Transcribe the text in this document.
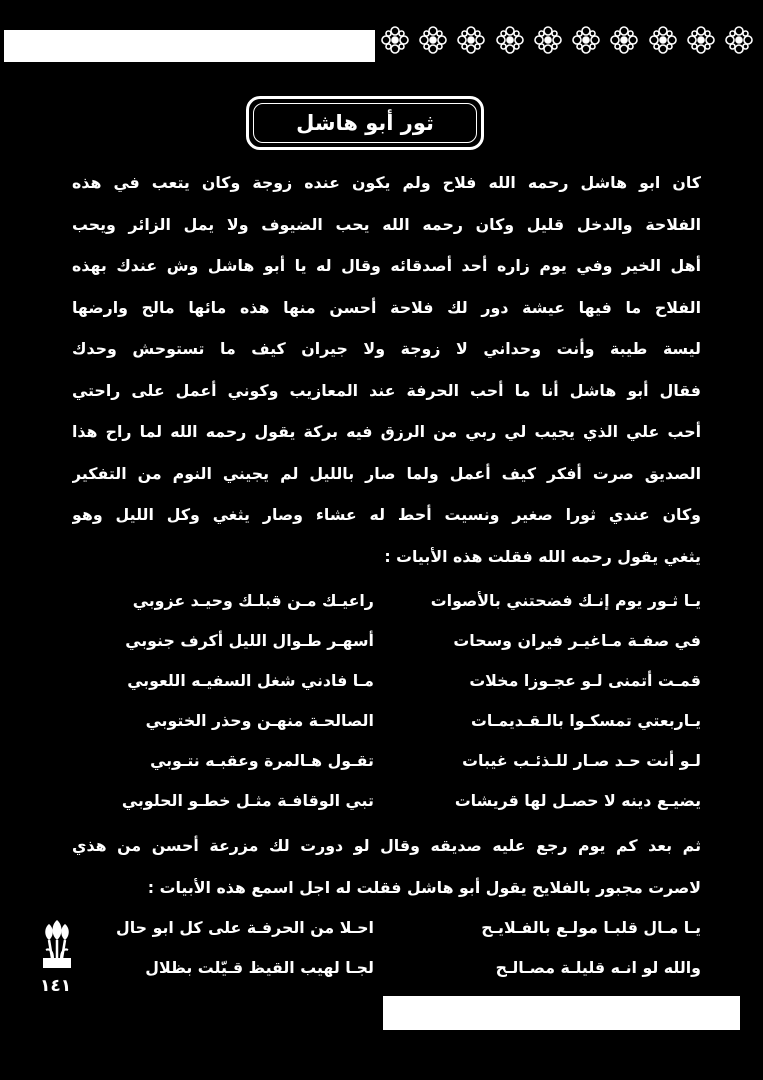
ثور أبو هاشل
كان ابو هاشل رحمه الله فلاح ولم يكون عنده زوجة وكان يتعب في هذه
الفلاحة والدخل قليل وكان رحمه الله يحب الضيوف ولا يمل الزائر ويحب
أهل الخير وفي يوم زاره أحد أصدقائه وقال له يا أبو هاشل وش عندك بهذه
الفلاح ما فيها عيشة دور لك فلاحة أحسن منها هذه مائها مالح وارضها
ليسة طيبة وأنت وحداني لا زوجة ولا جيران كيف ما تستوحش وحدك
فقال أبو هاشل أنا ما أحب الحرفة عند المعازيب وكوني أعمل على راحتي
أحب علي الذي يجيب لي ربي من الرزق فيه بركة يقول رحمه الله لما راح هذا
الصديق صرت أفكر كيف أعمل ولما صار بالليل لم يجيني النوم من التفكير
وكان عندي ثورا صغير ونسيت أحط له عشاء وصار يثغي وكل الليل وهو
يثغي يقول رحمه الله فقلت هذه الأبيات :
يـا ثـور يوم إنـك فضحتني بالأصوات
راعيـك مـن قبلـك وحيـد عزوبي
في صفـة مـاغيـر فيران وسحات
أسهـر طـوال الليل أكرف جنوبي
قمـت أتمنى لـو عجـوزا مخلات
مـا فادني شغل السفيـه اللعوبي
يـاربعتي تمسكـوا بالـقـديمـات
الصالحـة منهـن وحذر الختوبي
لـو أنت حـد صـار للـذئـب غيبات
تقـول هـالمرة وعقبـه نتـوبي
يضيـع دينه لا حصـل لها قريشات
تبي الوقافـة مثـل خطـو الحلوبي
ثم بعد كم يوم رجع عليه صديقه وقال لو دورت لك مزرعة أحسن من هذي
لاصرت مجبور بالفلايح يقول أبو هاشل فقلت له اجل اسمع هذه الأبيات :
يـا مـال قلبـا مولـع بالفـلايـح
احـلا من الحرفـة على كل ابو حال
والله لو انـه قليلـة مصـالـح
لجـا لهيب القيظ قـيّلت بظلال
١٤١
